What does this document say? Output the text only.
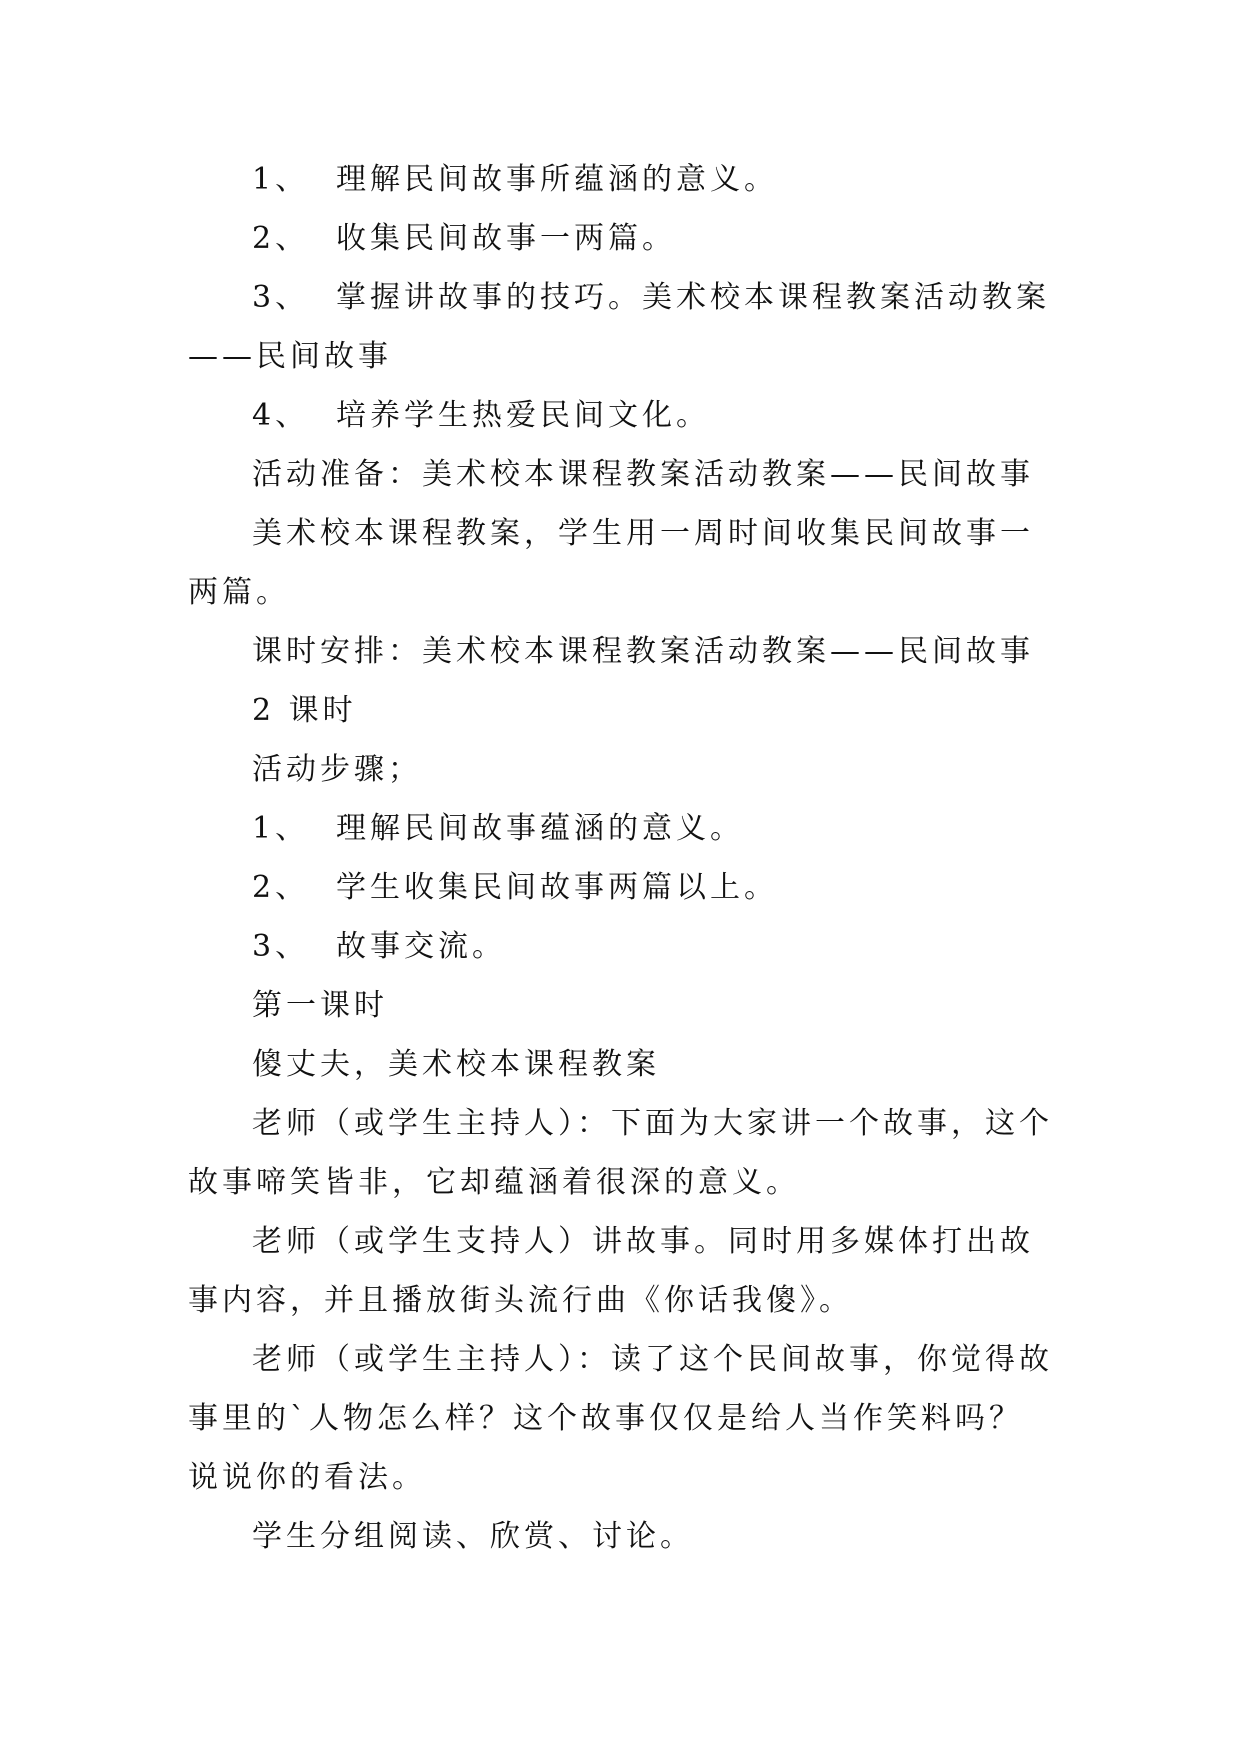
1、 理解民间故事所蕴涵的意义。

2、 收集民间故事一两篇。

3、 掌握讲故事的技巧。美术校本课程教案活动教案——民间故事

4、 培养学生热爱民间文化。

活动准备：美术校本课程教案活动教案——民间故事

美术校本课程教案，学生用一周时间收集民间故事一两篇。

课时安排：美术校本课程教案活动教案——民间故事

2 课时

活动步骤；

1、 理解民间故事蕴涵的意义。

2、 学生收集民间故事两篇以上。

3、 故事交流。

第一课时

傻丈夫，美术校本课程教案

老师（或学生主持人）：下面为大家讲一个故事，这个故事啼笑皆非，它却蕴涵着很深的意义。

老师（或学生支持人）讲故事。同时用多媒体打出故事内容，并且播放街头流行曲《你话我傻》。

老师（或学生主持人）：读了这个民间故事，你觉得故事里的`人物怎么样？这个故事仅仅是给人当作笑料吗？说说你的看法。

学生分组阅读、欣赏、讨论。
